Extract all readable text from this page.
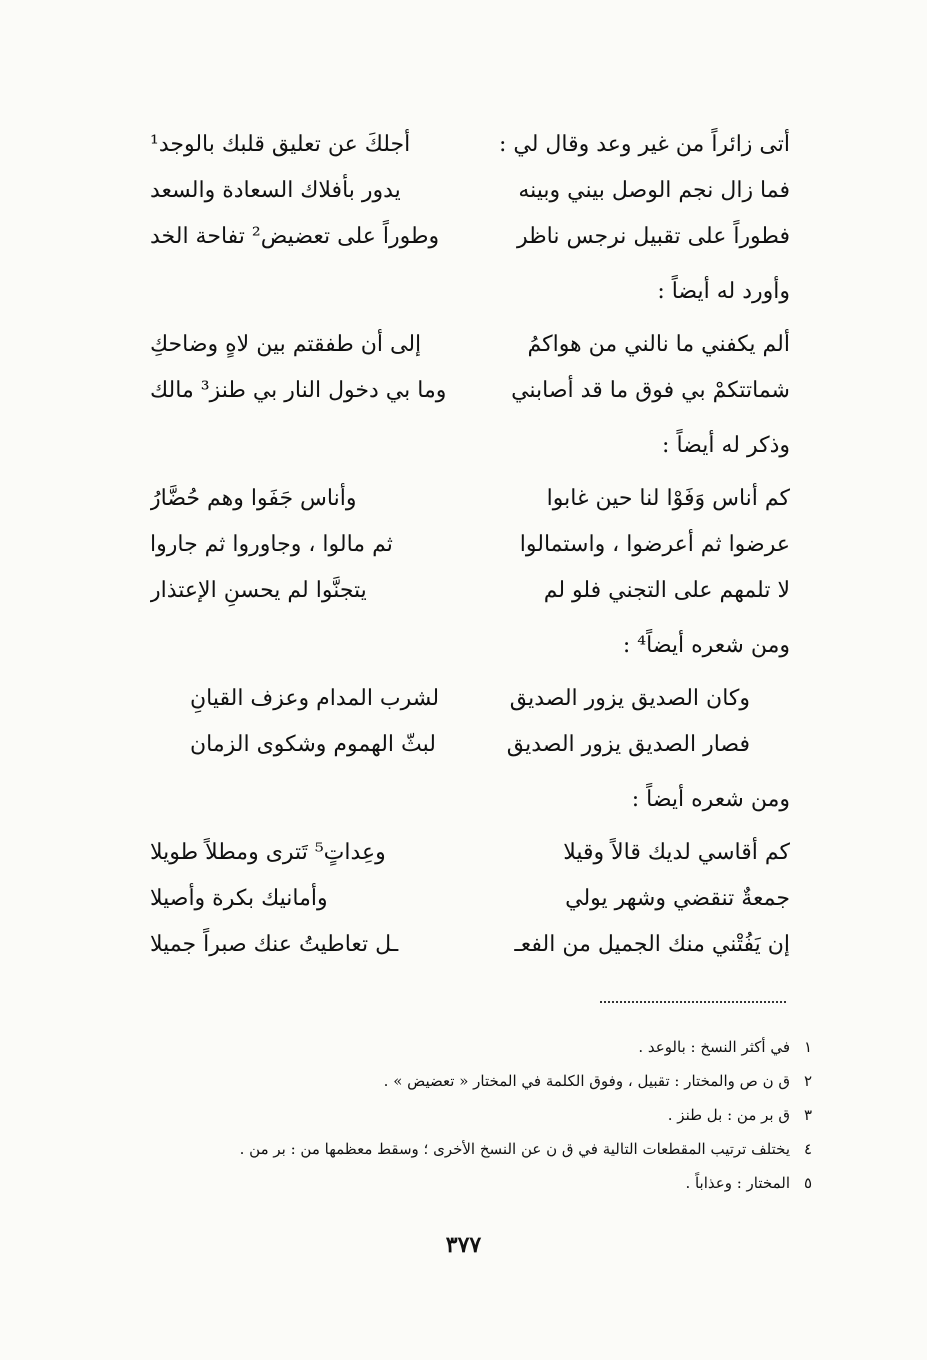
أتى زائراً من غير وعد وقال لي :
أجلكَ عن تعليق قلبك بالوجد¹
فما زال نجم الوصل بيني وبينه
يدور بأفلاك السعادة والسعد
فطوراً على تقبيل نرجس ناظر
وطوراً على تعضيض² تفاحة الخد
وأورد له أيضاً :
ألم يكفني ما نالني من هواكمُ
إلى أن طفقتم بين لاهٍ وضاحكِ
شماتتكمْ بي فوق ما قد أصابني
وما بي دخول النار بي طنز³ مالك
وذكر له أيضاً :
كم أناس وَفَوْا لنا حين غابوا
وأناس جَفَوا وهم حُضَّارُ
عرضوا ثم أعرضوا ، واستمالوا
ثم مالوا ، وجاوروا ثم جاروا
لا تلمهم على التجني فلو لم
يتجنَّوا لم يحسنِ الإعتذار
ومن شعره أيضاً⁴ :
وكان الصديق يزور الصديق
لشرب المدام وعزف القيانِ
فصار الصديق يزور الصديق
لبثّ الهموم وشكوى الزمان
ومن شعره أيضاً :
كم أقاسي لديك قالاً وقيلا
وعِداتٍ⁵ تَترى ومطلاً طويلا
جمعةٌ تنقضي وشهر يولي
وأمانيك بكرة وأصيلا
إن يَفُتْني منك الجميل من الفعـ
ـل تعاطيتُ عنك صبراً جميلا
١في أكثر النسخ : بالوعد .
٢ق ن ص والمختار : تقبيل ، وفوق الكلمة في المختار « تعضيض » .
٣ق بر من : بل طنز .
٤يختلف ترتيب المقطعات التالية في ق ن عن النسخ الأخرى ؛ وسقط معظمها من : بر من .
٥المختار : وعذاباً .
٣٧٧
